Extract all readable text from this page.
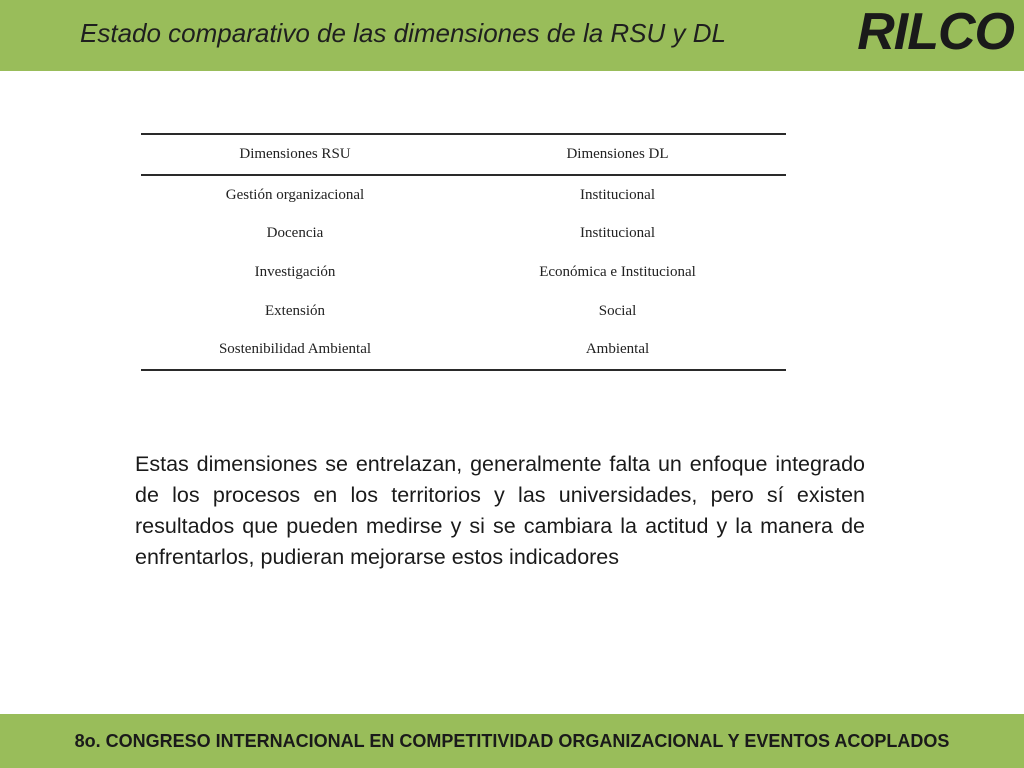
Estado comparativo de las dimensiones de la RSU y DL	RILCO
Dimensiones RSU	Dimensiones DL
Gestión organizacional	Institucional
Docencia	Institucional
Investigación	Económica e Institucional
Extensión	Social
Sostenibilidad Ambiental	Ambiental

Estas dimensiones se entrelazan, generalmente falta un enfoque integrado de los procesos en los territorios y las universidades, pero sí existen resultados que pueden medirse y si se cambiara la actitud y la manera de enfrentarlos, pudieran mejorarse estos indicadores

8o. CONGRESO INTERNACIONAL EN COMPETITIVIDAD ORGANIZACIONAL Y EVENTOS ACOPLADOS
